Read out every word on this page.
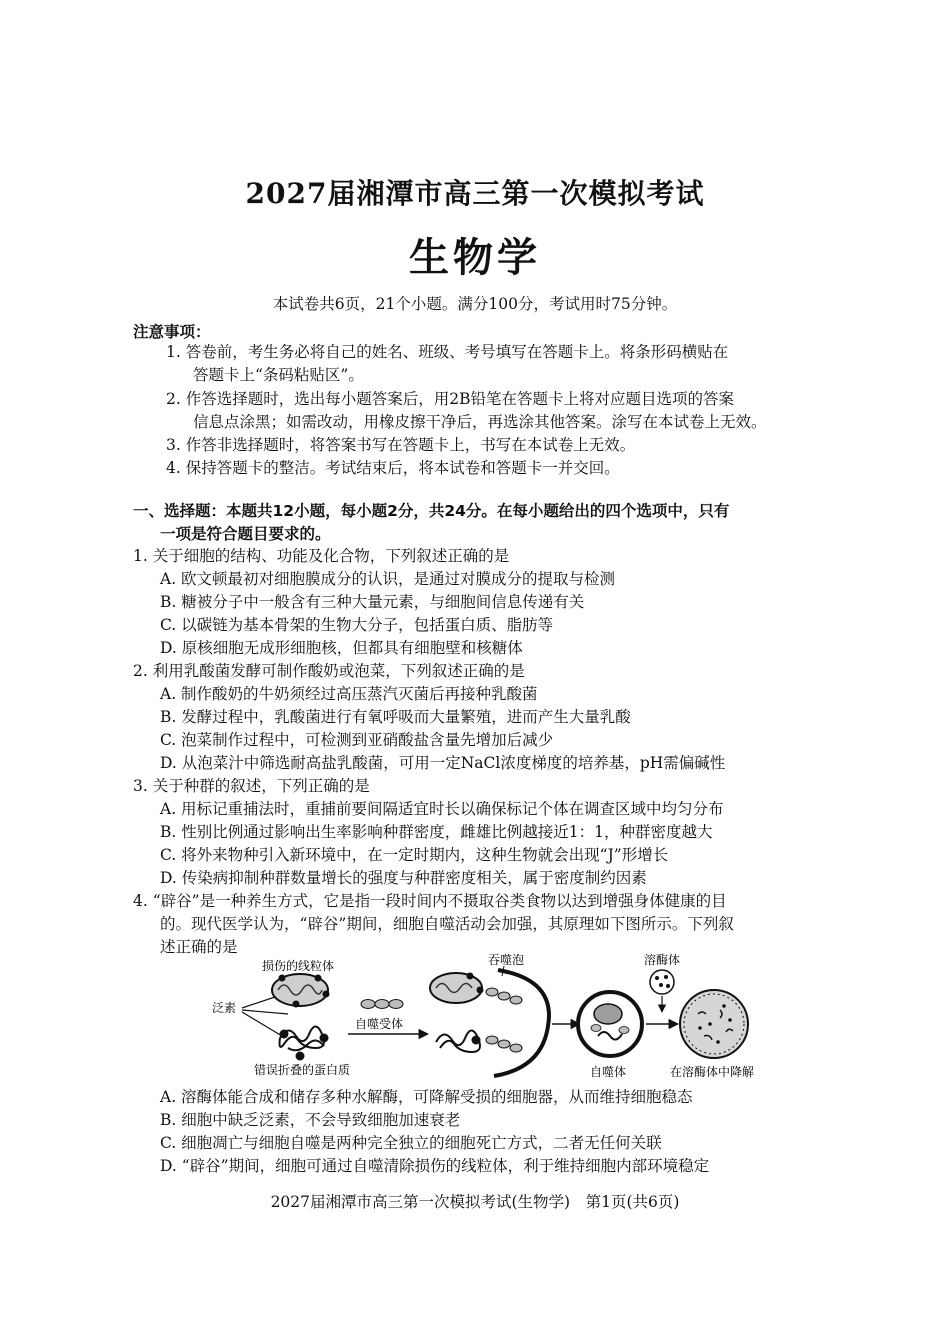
2027届湘潭市高三第一次模拟考试
生物学
本试卷共6页，21个小题。满分100分，考试用时75分钟。
注意事项：
1. 答卷前，考生务必将自己的姓名、班级、考号填写在答题卡上。将条形码横贴在
答题卡上“条码粘贴区”。
2. 作答选择题时，选出每小题答案后，用2B铅笔在答题卡上将对应题目选项的答案
信息点涂黑；如需改动，用橡皮擦干净后，再选涂其他答案。涂写在本试卷上无效。
3. 作答非选择题时，将答案书写在答题卡上，书写在本试卷上无效。
4. 保持答题卡的整洁。考试结束后，将本试卷和答题卡一并交回。
一、选择题：本题共12小题，每小题2分，共24分。在每小题给出的四个选项中，只有
一项是符合题目要求的。
1. 关于细胞的结构、功能及化合物，下列叙述正确的是
A. 欧文顿最初对细胞膜成分的认识，是通过对膜成分的提取与检测
B. 糖被分子中一般含有三种大量元素，与细胞间信息传递有关
C. 以碳链为基本骨架的生物大分子，包括蛋白质、脂肪等
D. 原核细胞无成形细胞核，但都具有细胞壁和核糖体
2. 利用乳酸菌发酵可制作酸奶或泡菜，下列叙述正确的是
A. 制作酸奶的牛奶须经过高压蒸汽灭菌后再接种乳酸菌
B. 发酵过程中，乳酸菌进行有氧呼吸而大量繁殖，进而产生大量乳酸
C. 泡菜制作过程中，可检测到亚硝酸盐含量先增加后减少
D. 从泡菜汁中筛选耐高盐乳酸菌，可用一定NaCl浓度梯度的培养基，pH需偏碱性
3. 关于种群的叙述，下列正确的是
A. 用标记重捕法时，重捕前要间隔适宜时长以确保标记个体在调查区域中均匀分布
B. 性别比例通过影响出生率影响种群密度，雌雄比例越接近1：1，种群密度越大
C. 将外来物种引入新环境中，在一定时期内，这种生物就会出现“J”形增长
D. 传染病抑制种群数量增长的强度与种群密度相关，属于密度制约因素
4. “辟谷”是一种养生方式，它是指一段时间内不摄取谷类食物以达到增强身体健康的目
的。现代医学认为，“辟谷”期间，细胞自噬活动会加强，其原理如下图所示。下列叙
述正确的是
损伤的线粒体
泛素
错误折叠的蛋白质
自噬受体
吞噬泡	溶酶体
自噬体	在溶酶体中降解
A. 溶酶体能合成和储存多种水解酶，可降解受损的细胞器，从而维持细胞稳态
B. 细胞中缺乏泛素，不会导致细胞加速衰老
C. 细胞凋亡与细胞自噬是两种完全独立的细胞死亡方式，二者无任何关联
D. “辟谷”期间，细胞可通过自噬清除损伤的线粒体，利于维持细胞内部环境稳定
2027届湘潭市高三第一次模拟考试(生物学)　第1页(共6页)
